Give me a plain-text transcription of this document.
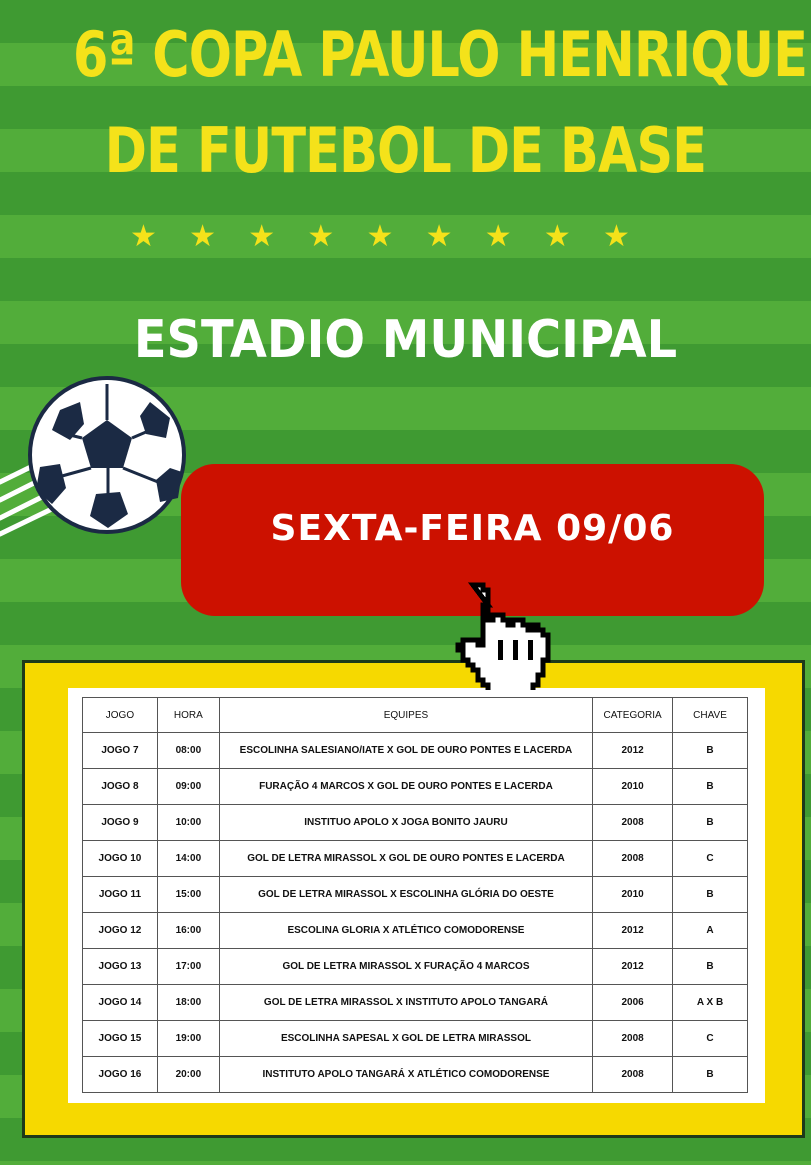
6ª COPA PAULO HENRIQUE
DE FUTEBOL DE BASE
★ ★ ★ ★ ★ ★ ★ ★ ★
ESTADIO MUNICIPAL
SEXTA-FEIRA 09/06
JOGO	HORA	EQUIPES	CATEGORIA	CHAVE
JOGO 7	08:00	ESCOLINHA SALESIANO/IATE X GOL DE OURO PONTES E LACERDA	2012	B
JOGO 8	09:00	FURAÇÃO 4 MARCOS X GOL DE OURO PONTES E LACERDA	2010	B
JOGO 9	10:00	INSTITUO APOLO X JOGA BONITO JAURU	2008	B
JOGO 10	14:00	GOL DE LETRA MIRASSOL X GOL DE OURO PONTES E LACERDA	2008	C
JOGO 11	15:00	GOL DE LETRA MIRASSOL X ESCOLINHA GLÓRIA DO OESTE	2010	B
JOGO 12	16:00	ESCOLINA GLORIA X ATLÉTICO COMODORENSE	2012	A
JOGO 13	17:00	GOL DE LETRA MIRASSOL X FURAÇÃO 4 MARCOS	2012	B
JOGO 14	18:00	GOL DE LETRA MIRASSOL X INSTITUTO APOLO TANGARÁ	2006	A X B
JOGO 15	19:00	ESCOLINHA SAPESAL X GOL DE LETRA MIRASSOL	2008	C
JOGO 16	20:00	INSTITUTO APOLO TANGARÁ X ATLÉTICO COMODORENSE	2008	B
